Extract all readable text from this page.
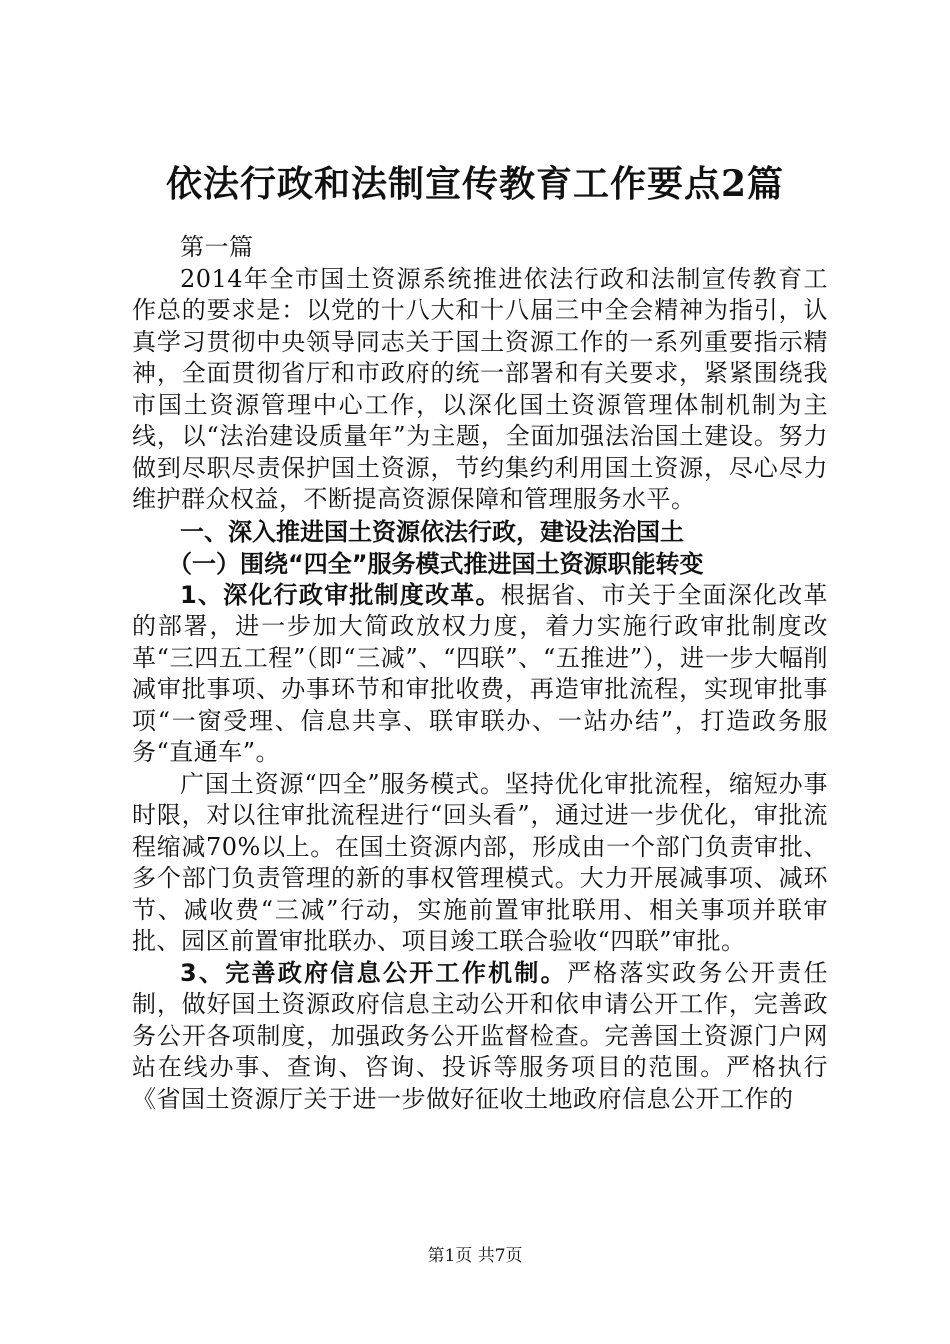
依法行政和法制宣传教育工作要点2篇

第一篇

2014年全市国土资源系统推进依法行政和法制宣传教育工作总的要求是：以党的十八大和十八届三中全会精神为指引，认真学习贯彻中央领导同志关于国土资源工作的一系列重要指示精神，全面贯彻省厅和市政府的统一部署和有关要求，紧紧围绕我市国土资源管理中心工作，以深化国土资源管理体制机制为主线，以“法治建设质量年”为主题，全面加强法治国土建设。努力做到尽职尽责保护国土资源，节约集约利用国土资源，尽心尽力维护群众权益，不断提高资源保障和管理服务水平。

一、深入推进国土资源依法行政，建设法治国土

（一）围绕“四全”服务模式推进国土资源职能转变

1、深化行政审批制度改革。根据省、市关于全面深化改革的部署，进一步加大简政放权力度，着力实施行政审批制度改革“三四五工程”（即“三减”、“四联”、“五推进”），进一步大幅削减审批事项、办事环节和审批收费，再造审批流程，实现审批事项“一窗受理、信息共享、联审联办、一站办结”，打造政务服务“直通车”。

广国土资源“四全”服务模式。坚持优化审批流程，缩短办事时限，对以往审批流程进行“回头看”，通过进一步优化，审批流程缩减70%以上。在国土资源内部，形成由一个部门负责审批、多个部门负责管理的新的事权管理模式。大力开展减事项、减环节、减收费“三减”行动，实施前置审批联用、相关事项并联审批、园区前置审批联办、项目竣工联合验收“四联”审批。

3、完善政府信息公开工作机制。严格落实政务公开责任制，做好国土资源政府信息主动公开和依申请公开工作，完善政务公开各项制度，加强政务公开监督检查。完善国土资源门户网站在线办事、查询、咨询、投诉等服务项目的范围。严格执行《省国土资源厅关于进一步做好征收土地政府信息公开工作的

第1页 共7页
